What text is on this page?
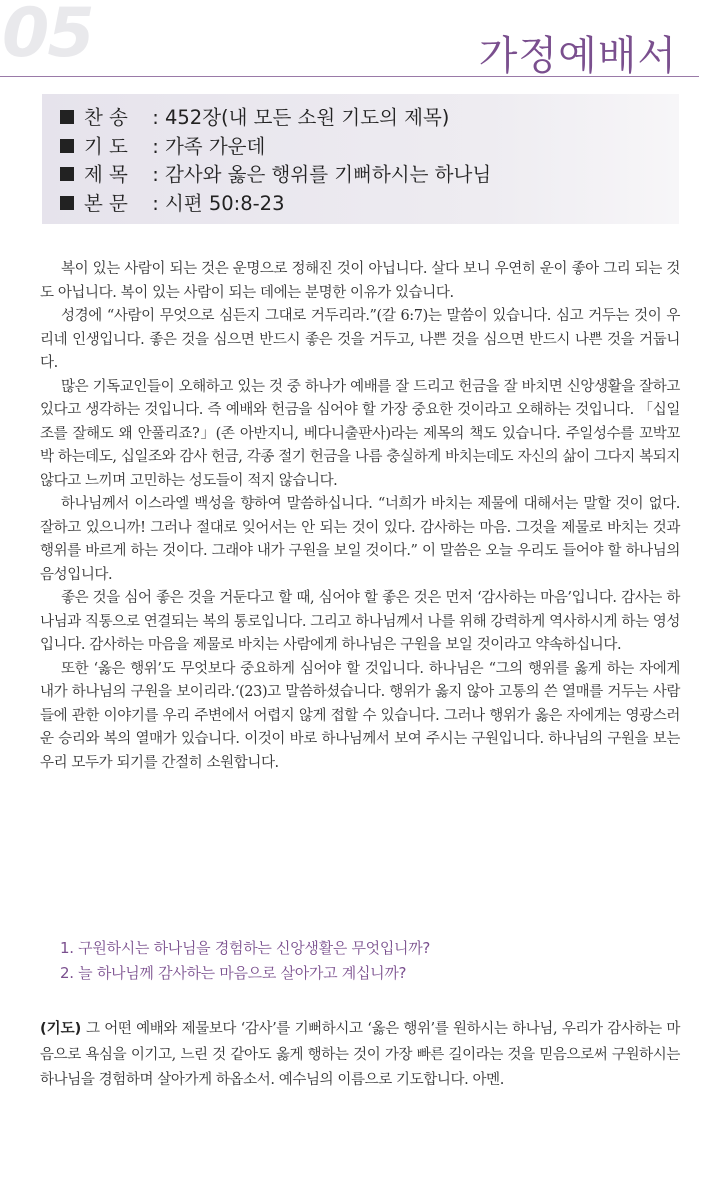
05	가정예배서
찬 송 : 452장(내 모든 소원 기도의 제목)
기 도 : 가족 가운데
제 목 : 감사와 옳은 행위를 기뻐하시는 하나님
본 문 : 시편 50:8-23

복이 있는 사람이 되는 것은 운명으로 정해진 것이 아닙니다. 살다 보니 우연히 운이 좋아 그리 되는 것도 아닙니다. 복이 있는 사람이 되는 데에는 분명한 이유가 있습니다.

성경에 “사람이 무엇으로 심든지 그대로 거두리라.”(갈 6:7)는 말씀이 있습니다. 심고 거두는 것이 우리네 인생입니다. 좋은 것을 심으면 반드시 좋은 것을 거두고, 나쁜 것을 심으면 반드시 나쁜 것을 거둡니다.

많은 기독교인들이 오해하고 있는 것 중 하나가 예배를 잘 드리고 헌금을 잘 바치면 신앙생활을 잘하고 있다고 생각하는 것입니다. 즉 예배와 헌금을 심어야 할 가장 중요한 것이라고 오해하는 것입니다. 「십일조를 잘해도 왜 안풀리죠?」(존 아반지니, 베다니출판사)라는 제목의 책도 있습니다. 주일성수를 꼬박꼬박 하는데도, 십일조와 감사 헌금, 각종 절기 헌금을 나름 충실하게 바치는데도 자신의 삶이 그다지 복되지 않다고 느끼며 고민하는 성도들이 적지 않습니다.

하나님께서 이스라엘 백성을 향하여 말씀하십니다. “너희가 바치는 제물에 대해서는 말할 것이 없다. 잘하고 있으니까! 그러나 절대로 잊어서는 안 되는 것이 있다. 감사하는 마음. 그것을 제물로 바치는 것과 행위를 바르게 하는 것이다. 그래야 내가 구원을 보일 것이다.” 이 말씀은 오늘 우리도 들어야 할 하나님의 음성입니다.

좋은 것을 심어 좋은 것을 거둔다고 할 때, 심어야 할 좋은 것은 먼저 ‘감사하는 마음’입니다. 감사는 하나님과 직통으로 연결되는 복의 통로입니다. 그리고 하나님께서 나를 위해 강력하게 역사하시게 하는 영성입니다. 감사하는 마음을 제물로 바치는 사람에게 하나님은 구원을 보일 것이라고 약속하십니다.

또한 ‘옳은 행위’도 무엇보다 중요하게 심어야 할 것입니다. 하나님은 “그의 행위를 옳게 하는 자에게 내가 하나님의 구원을 보이리라.‘(23)고 말씀하셨습니다. 행위가 옳지 않아 고통의 쓴 열매를 거두는 사람들에 관한 이야기를 우리 주변에서 어렵지 않게 접할 수 있습니다. 그러나 행위가 옳은 자에게는 영광스러운 승리와 복의 열매가 있습니다. 이것이 바로 하나님께서 보여 주시는 구원입니다. 하나님의 구원을 보는 우리 모두가 되기를 간절히 소원합니다.

1. 구원하시는 하나님을 경험하는 신앙생활은 무엇입니까?
2. 늘 하나님께 감사하는 마음으로 살아가고 계십니까?
(기도) 그 어떤 예배와 제물보다 ‘감사’를 기뻐하시고 ‘옳은 행위’를 원하시는 하나님, 우리가 감사하는 마음으로 욕심을 이기고, 느린 것 같아도 옳게 행하는 것이 가장 빠른 길이라는 것을 믿음으로써 구원하시는 하나님을 경험하며 살아가게 하옵소서. 예수님의 이름으로 기도합니다. 아멘.
